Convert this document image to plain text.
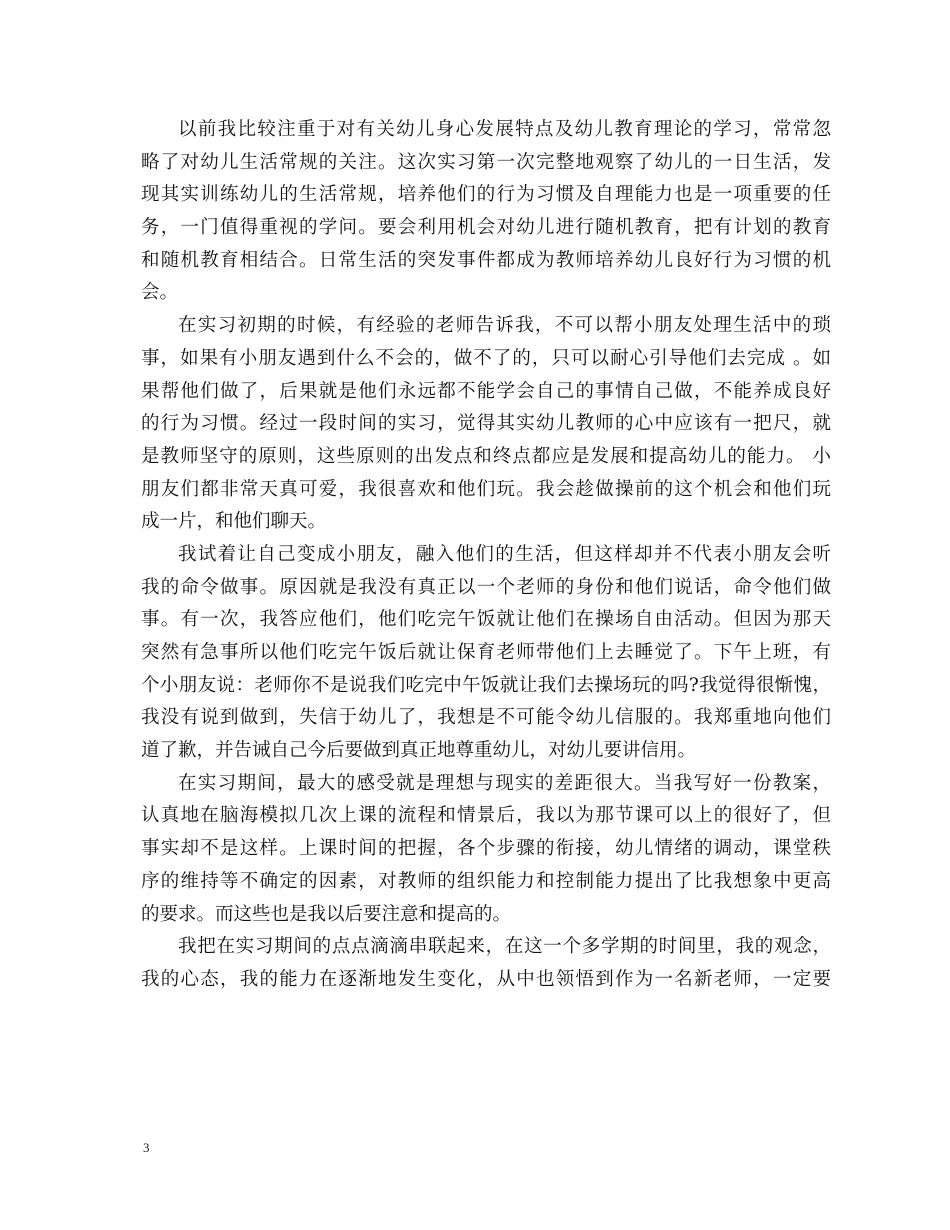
以前我比较注重于对有关幼儿身心发展特点及幼儿教育理论的学习，常常忽
略了对幼儿生活常规的关注。这次实习第一次完整地观察了幼儿的一日生活，发
现其实训练幼儿的生活常规，培养他们的行为习惯及自理能力也是一项重要的任
务，一门值得重视的学问。要会利用机会对幼儿进行随机教育，把有计划的教育
和随机教育相结合。日常生活的突发事件都成为教师培养幼儿良好行为习惯的机
会。
在实习初期的时候，有经验的老师告诉我，不可以帮小朋友处理生活中的琐
事，如果有小朋友遇到什么不会的，做不了的，只可以耐心引导他们去完成 。如
果帮他们做了，后果就是他们永远都不能学会自己的事情自己做，不能养成良好
的行为习惯。经过一段时间的实习，觉得其实幼儿教师的心中应该有一把尺，就
是教师坚守的原则，这些原则的出发点和终点都应是发展和提高幼儿的能力。 小
朋友们都非常天真可爱，我很喜欢和他们玩。我会趁做操前的这个机会和他们玩
成一片，和他们聊天。
我试着让自己变成小朋友，融入他们的生活，但这样却并不代表小朋友会听
我的命令做事。原因就是我没有真正以一个老师的身份和他们说话，命令他们做
事。有一次，我答应他们，他们吃完午饭就让他们在操场自由活动。但因为那天
突然有急事所以他们吃完午饭后就让保育老师带他们上去睡觉了。下午上班，有
个小朋友说：老师你不是说我们吃完中午饭就让我们去操场玩的吗?我觉得很惭愧，
我没有说到做到，失信于幼儿了，我想是不可能令幼儿信服的。我郑重地向他们
道了歉，并告诫自己今后要做到真正地尊重幼儿，对幼儿要讲信用。
在实习期间，最大的感受就是理想与现实的差距很大。当我写好一份教案，
认真地在脑海模拟几次上课的流程和情景后，我以为那节课可以上的很好了，但
事实却不是这样。上课时间的把握，各个步骤的衔接，幼儿情绪的调动，课堂秩
序的维持等不确定的因素，对教师的组织能力和控制能力提出了比我想象中更高
的要求。而这些也是我以后要注意和提高的。
我把在实习期间的点点滴滴串联起来，在这一个多学期的时间里，我的观念，
我的心态，我的能力在逐渐地发生变化，从中也领悟到作为一名新老师，一定要
3
